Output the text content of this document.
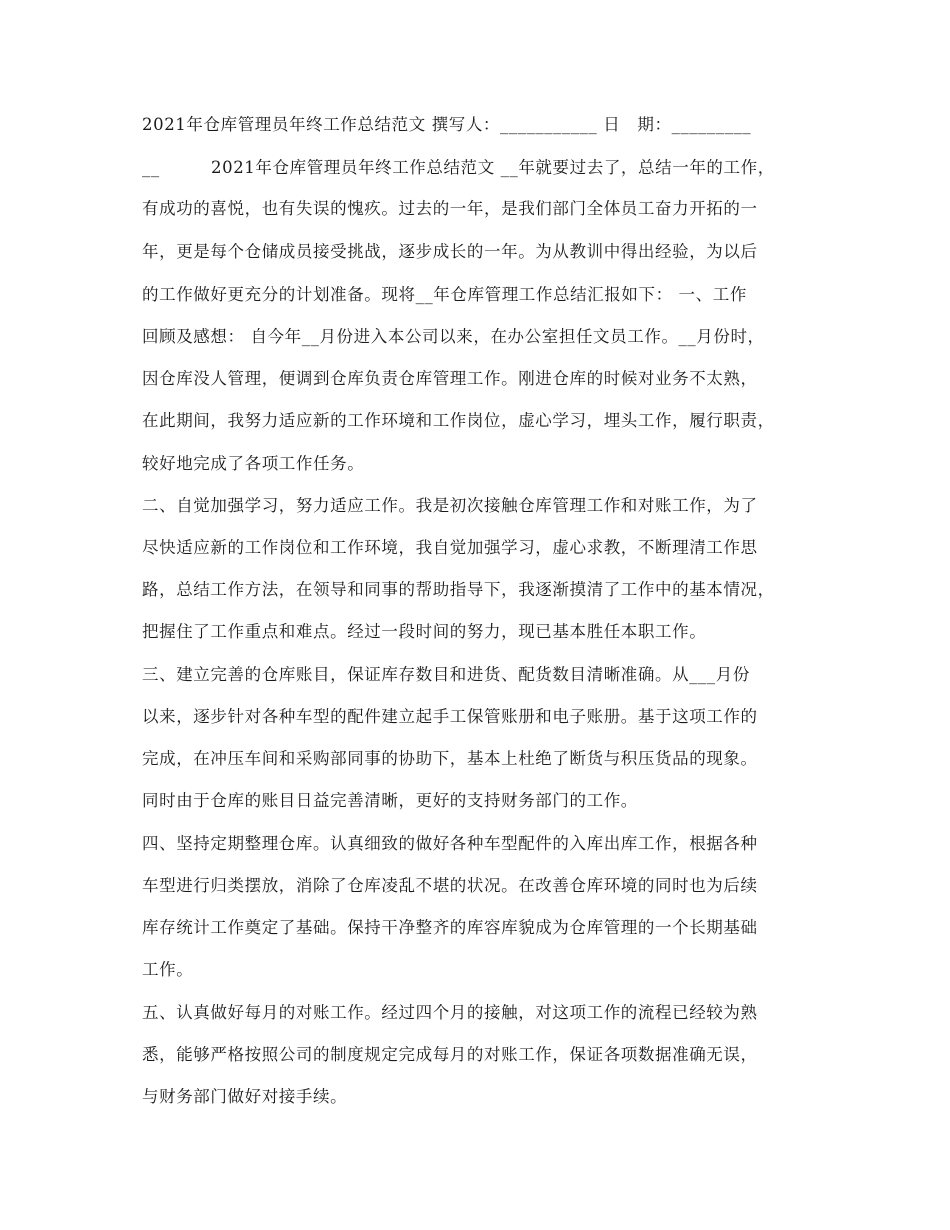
2021年仓库管理员年终工作总结范文 撰写人：___________ 日　期：_________
__　　　2021年仓库管理员年终工作总结范文 __年就要过去了，总结一年的工作，
有成功的喜悦，也有失误的愧疚。过去的一年，是我们部门全体员工奋力开拓的一
年，更是每个仓储成员接受挑战，逐步成长的一年。为从教训中得出经验，为以后
的工作做好更充分的计划准备。现将__年仓库管理工作总结汇报如下： 一、工作
回顾及感想： 自今年__月份进入本公司以来，在办公室担任文员工作。__月份时，
因仓库没人管理，便调到仓库负责仓库管理工作。刚进仓库的时候对业务不太熟，
在此期间，我努力适应新的工作环境和工作岗位，虚心学习，埋头工作，履行职责，
较好地完成了各项工作任务。
二、自觉加强学习，努力适应工作。我是初次接触仓库管理工作和对账工作，为了
尽快适应新的工作岗位和工作环境，我自觉加强学习，虚心求教，不断理清工作思
路，总结工作方法，在领导和同事的帮助指导下，我逐渐摸清了工作中的基本情况，
把握住了工作重点和难点。经过一段时间的努力，现已基本胜任本职工作。
三、建立完善的仓库账目，保证库存数目和进货、配货数目清晰准确。从___月份
以来，逐步针对各种车型的配件建立起手工保管账册和电子账册。基于这项工作的
完成，在冲压车间和采购部同事的协助下，基本上杜绝了断货与积压货品的现象。
同时由于仓库的账目日益完善清晰，更好的支持财务部门的工作。
四、坚持定期整理仓库。认真细致的做好各种车型配件的入库出库工作，根据各种
车型进行归类摆放，消除了仓库凌乱不堪的状况。在改善仓库环境的同时也为后续
库存统计工作奠定了基础。保持干净整齐的库容库貌成为仓库管理的一个长期基础
工作。
五、认真做好每月的对账工作。经过四个月的接触，对这项工作的流程已经较为熟
悉，能够严格按照公司的制度规定完成每月的对账工作，保证各项数据准确无误，
与财务部门做好对接手续。
